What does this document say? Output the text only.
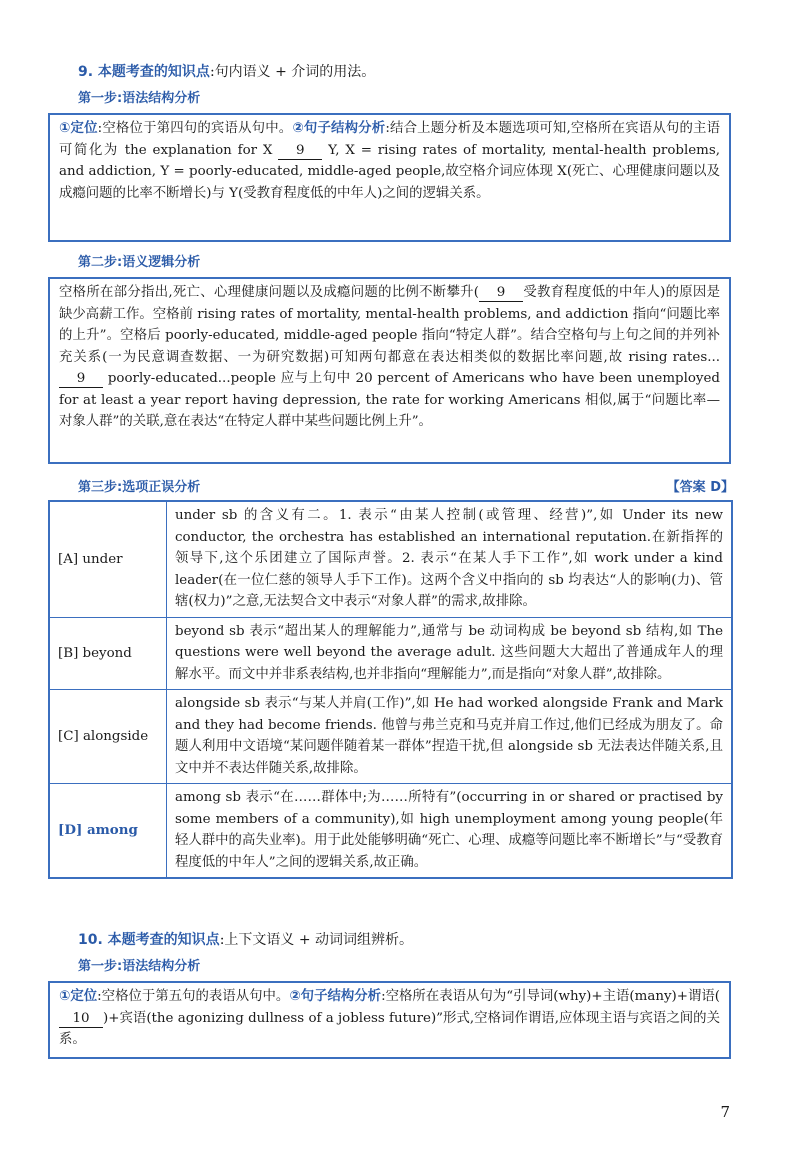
9. 本题考查的知识点:句内语义 + 介词的用法。
第一步:语法结构分析

①定位:空格位于第四句的宾语从句中。②句子结构分析:结合上题分析及本题选项可知,空格所在宾语从句的主语可简化为 the explanation for X 9 Y, X = rising rates of mortality, mental-health problems, and addiction, Y = poorly-educated, middle-aged people,故空格介词应体现 X(死亡、心理健康问题以及成瘾问题的比率不断增长)与 Y(受教育程度低的中年人)之间的逻辑关系。

第二步:语义逻辑分析

空格所在部分指出,死亡、心理健康问题以及成瘾问题的比例不断攀升( 9 受教育程度低的中年人)的原因是缺少高薪工作。空格前 rising rates of mortality, mental-health problems, and addiction 指向“问题比率的上升”。空格后 poorly-educated, middle-aged people 指向“特定人群”。结合空格句与上句之间的并列补充关系(一为民意调查数据、一为研究数据)可知两句都意在表达相类似的数据比率问题,故 rising rates... 9 poorly-educated...people 应与上句中 20 percent of Americans who have been unemployed for at least a year report having depression, the rate for working Americans 相似,属于“问题比率—对象人群”的关联,意在表达“在特定人群中某些问题比例上升”。

第三步:选项正误分析	【答案 D】
[A] under	under sb 的含义有二。1. 表示“由某人控制(或管理、经营)”,如 Under its new conductor, the orchestra has established an international reputation.在新指挥的领导下,这个乐团建立了国际声誉。2. 表示“在某人手下工作”,如 work under a kind leader(在一位仁慈的领导人手下工作)。这两个含义中指向的 sb 均表达“人的影响(力)、管辖(权力)”之意,无法契合文中表示“对象人群”的需求,故排除。
[B] beyond	beyond sb 表示“超出某人的理解能力”,通常与 be 动词构成 be beyond sb 结构,如 The questions were well beyond the average adult. 这些问题大大超出了普通成年人的理解水平。而文中并非系表结构,也并非指向“理解能力”,而是指向“对象人群”,故排除。
[C] alongside	alongside sb 表示“与某人并肩(工作)”,如 He had worked alongside Frank and Mark and they had become friends. 他曾与弗兰克和马克并肩工作过,他们已经成为朋友了。命题人利用中文语境“某问题伴随着某一群体”捏造干扰,但 alongside sb 无法表达伴随关系,且文中并不表达伴随关系,故排除。
[D] among	among sb 表示“在……群体中;为……所特有”(occurring in or shared or practised by some members of a community),如 high unemployment among young people(年轻人群中的高失业率)。用于此处能够明确“死亡、心理、成瘾等问题比率不断增长”与“受教育程度低的中年人”之间的逻辑关系,故正确。
10. 本题考查的知识点:上下文语义 + 动词词组辨析。
第一步:语法结构分析

①定位:空格位于第五句的表语从句中。②句子结构分析:空格所在表语从句为“引导词(why)+主语(many)+谓语(10 )+宾语(the agonizing dullness of a jobless future)”形式,空格词作谓语,应体现主语与宾语之间的关系。

7
